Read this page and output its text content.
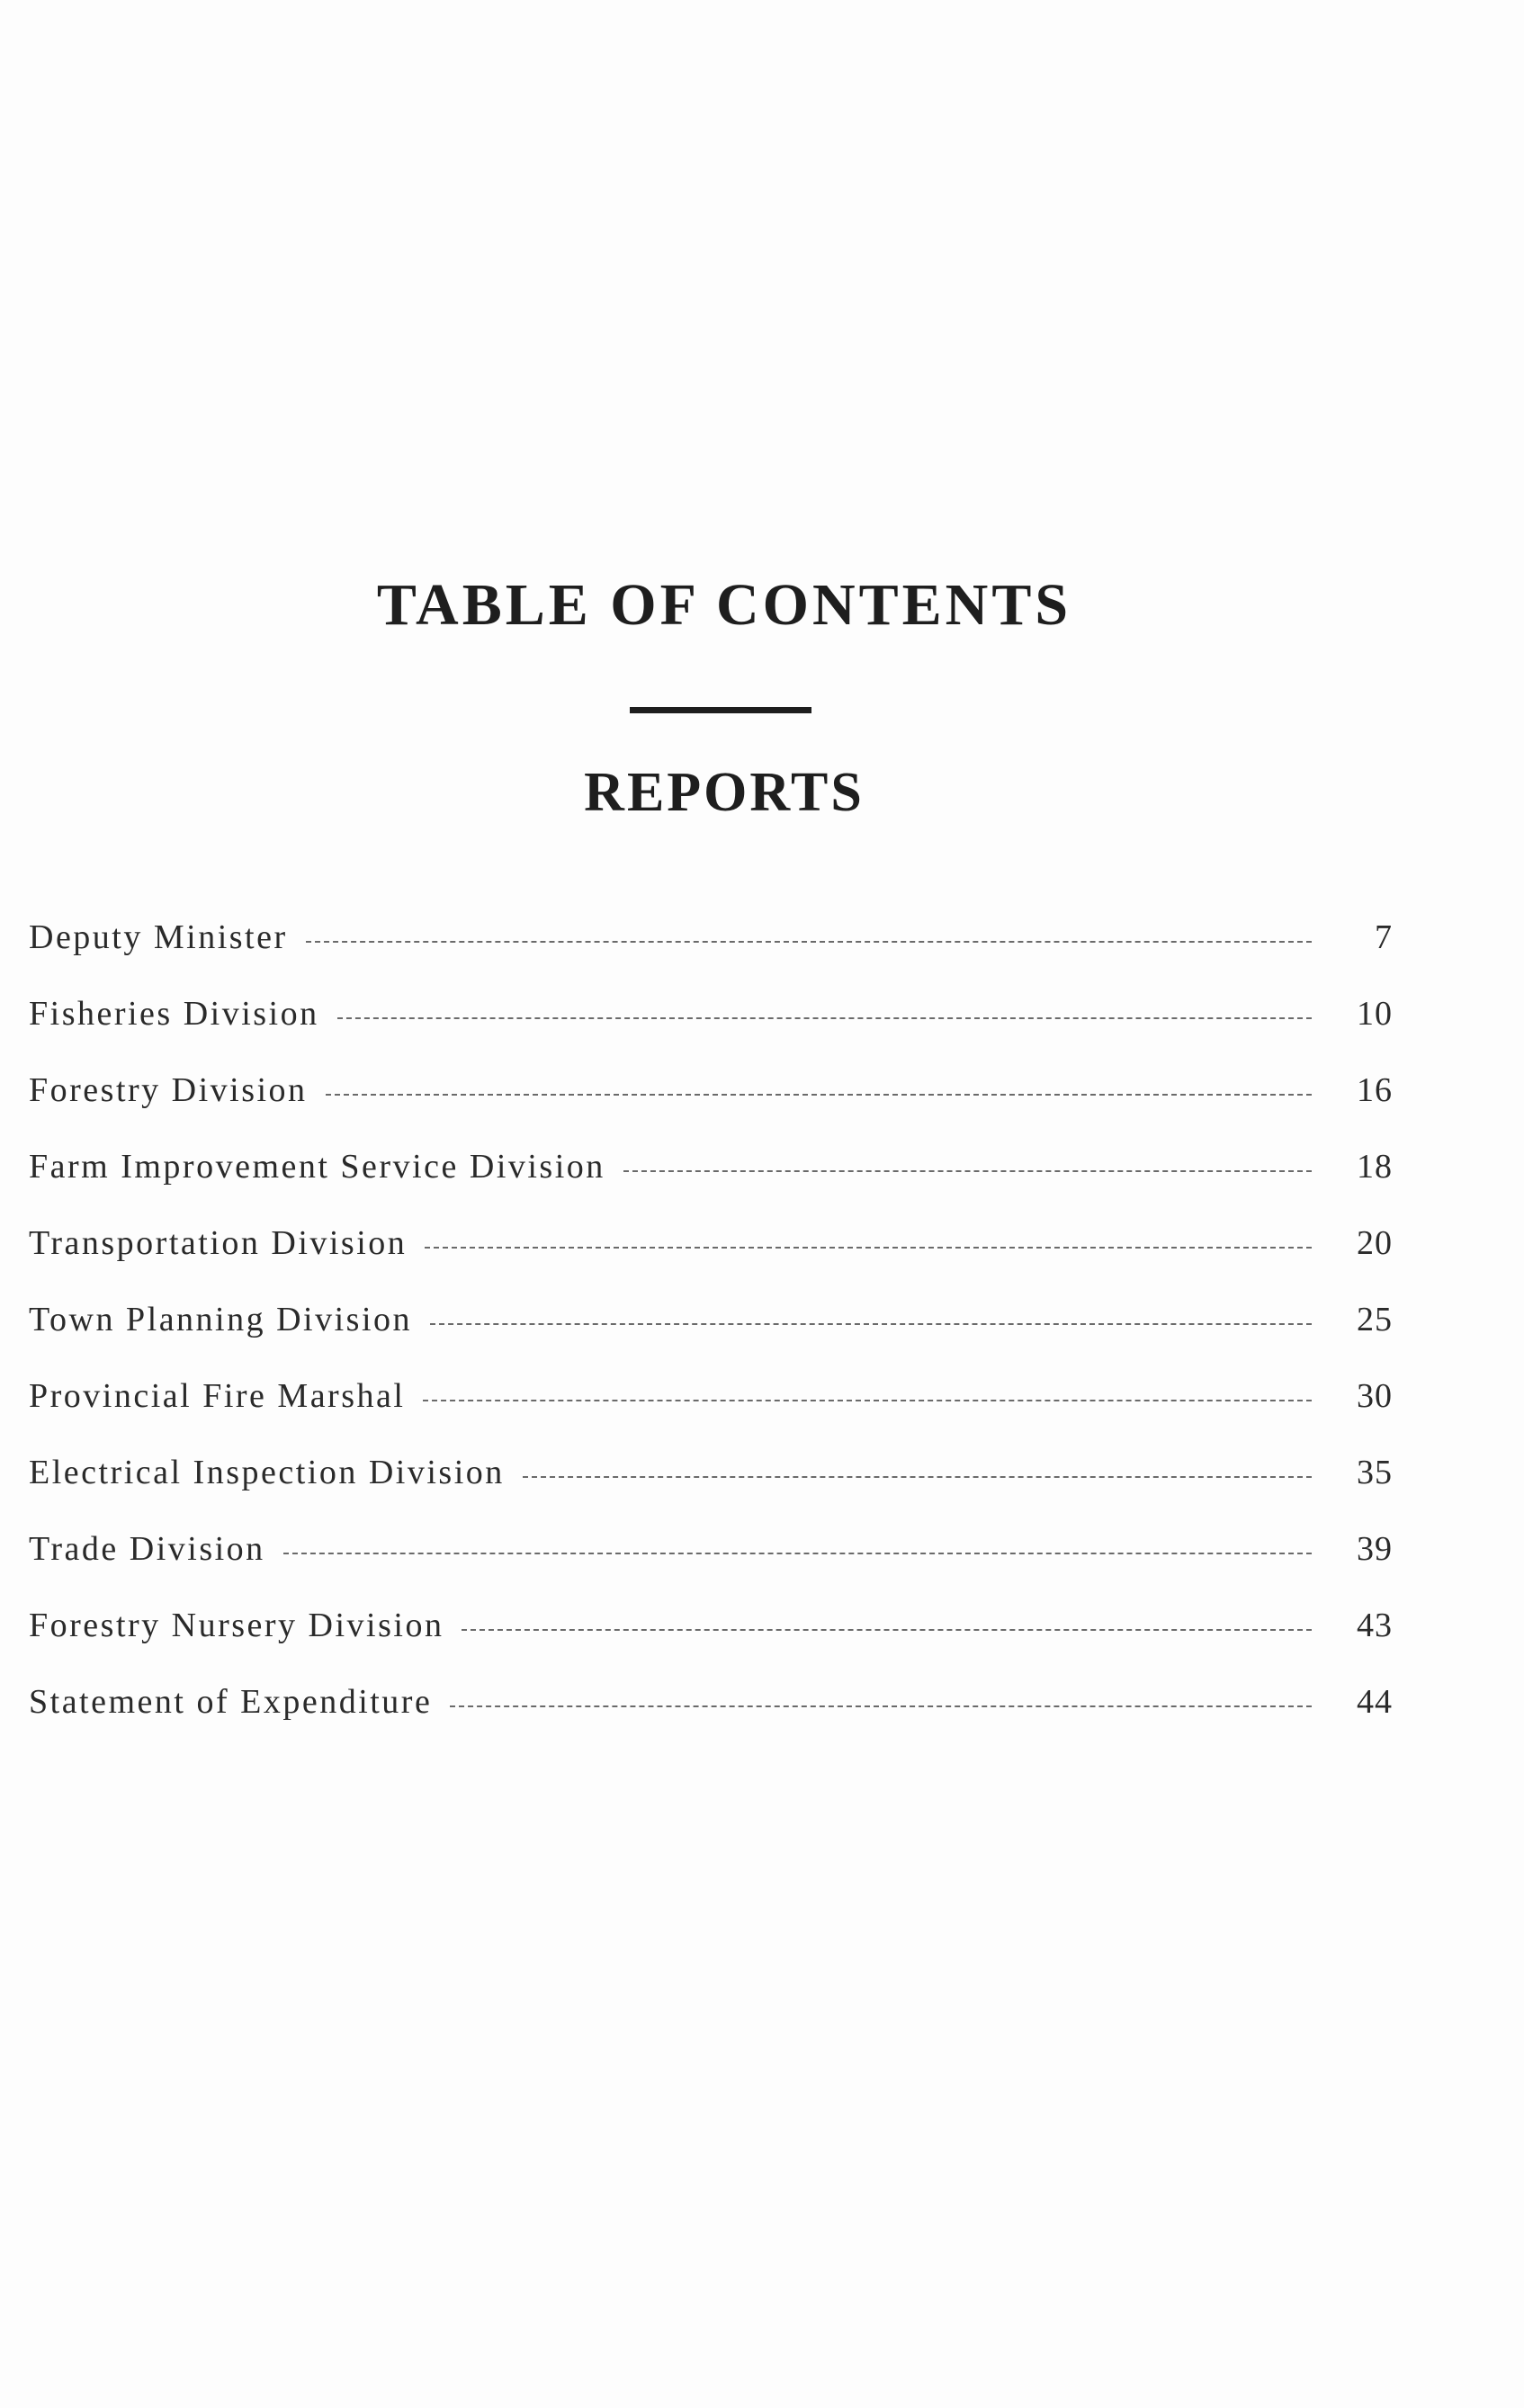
TABLE OF CONTENTS
REPORTS
Deputy Minister	7
Fisheries Division	10
Forestry Division	16
Farm Improvement Service Division	18
Transportation Division	20
Town Planning Division	25
Provincial Fire Marshal	30
Electrical Inspection Division	35
Trade Division	39
Forestry Nursery Division	43
Statement of Expenditure	44
